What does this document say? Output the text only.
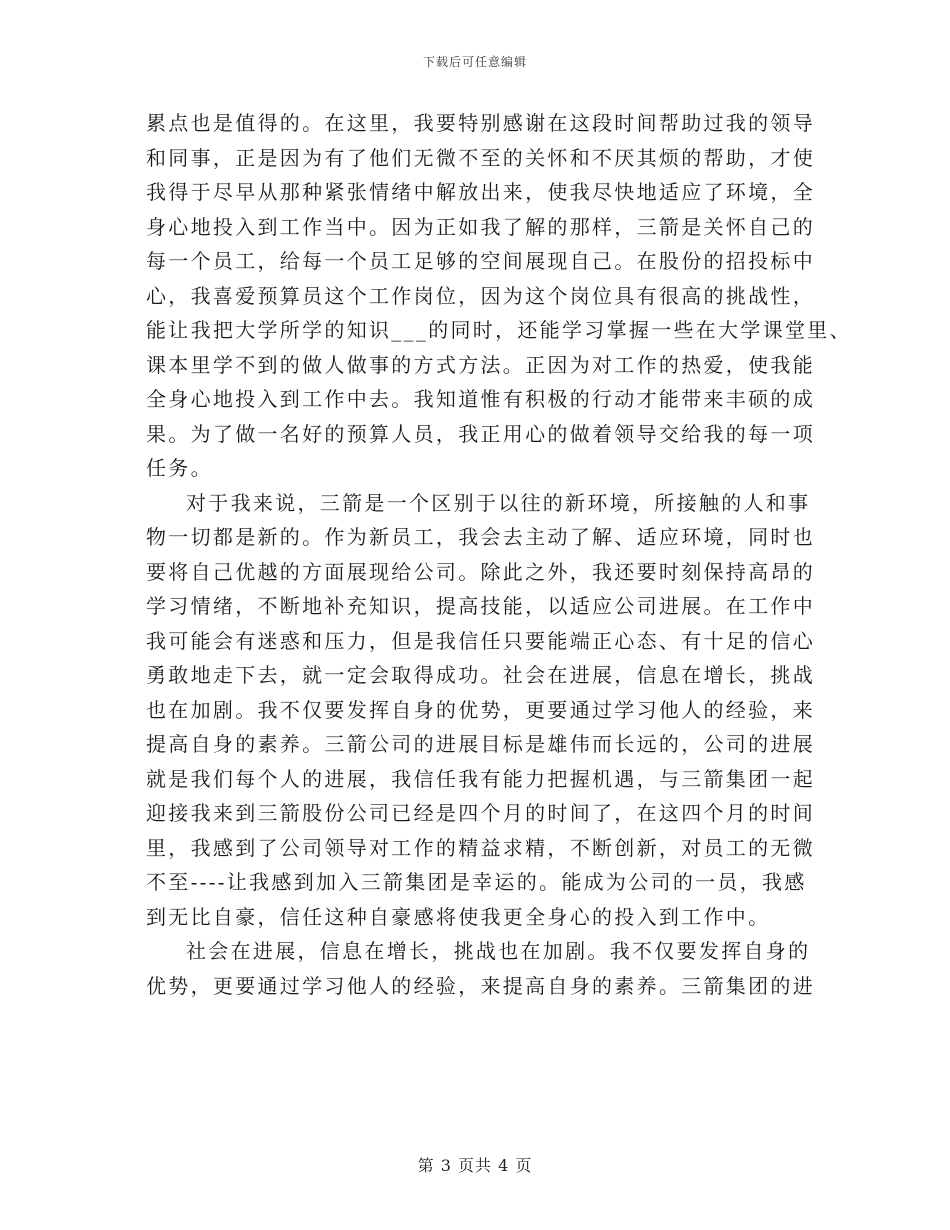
下载后可任意编辑
累点也是值得的。在这里，我要特别感谢在这段时间帮助过我的领导
和同事，正是因为有了他们无微不至的关怀和不厌其烦的帮助，才使
我得于尽早从那种紧张情绪中解放出来，使我尽快地适应了环境，全
身心地投入到工作当中。因为正如我了解的那样，三箭是关怀自己的
每一个员工，给每一个员工足够的空间展现自己。在股份的招投标中
心，我喜爱预算员这个工作岗位，因为这个岗位具有很高的挑战性，
能让我把大学所学的知识___的同时，还能学习掌握一些在大学课堂里、
课本里学不到的做人做事的方式方法。正因为对工作的热爱，使我能
全身心地投入到工作中去。我知道惟有积极的行动才能带来丰硕的成
果。为了做一名好的预算人员，我正用心的做着领导交给我的每一项
任务。
对于我来说，三箭是一个区别于以往的新环境，所接触的人和事
物一切都是新的。作为新员工，我会去主动了解、适应环境，同时也
要将自己优越的方面展现给公司。除此之外，我还要时刻保持高昂的
学习情绪，不断地补充知识，提高技能，以适应公司进展。在工作中
我可能会有迷惑和压力，但是我信任只要能端正心态、有十足的信心
勇敢地走下去，就一定会取得成功。社会在进展，信息在增长，挑战
也在加剧。我不仅要发挥自身的优势，更要通过学习他人的经验，来
提高自身的素养。三箭公司的进展目标是雄伟而长远的，公司的进展
就是我们每个人的进展，我信任我有能力把握机遇，与三箭集团一起
迎接我来到三箭股份公司已经是四个月的时间了，在这四个月的时间
里，我感到了公司领导对工作的精益求精，不断创新，对员工的无微
不至----让我感到加入三箭集团是幸运的。能成为公司的一员，我感
到无比自豪，信任这种自豪感将使我更全身心的投入到工作中。
社会在进展，信息在增长，挑战也在加剧。我不仅要发挥自身的
优势，更要通过学习他人的经验，来提高自身的素养。三箭集团的进
第 3 页共 4 页
